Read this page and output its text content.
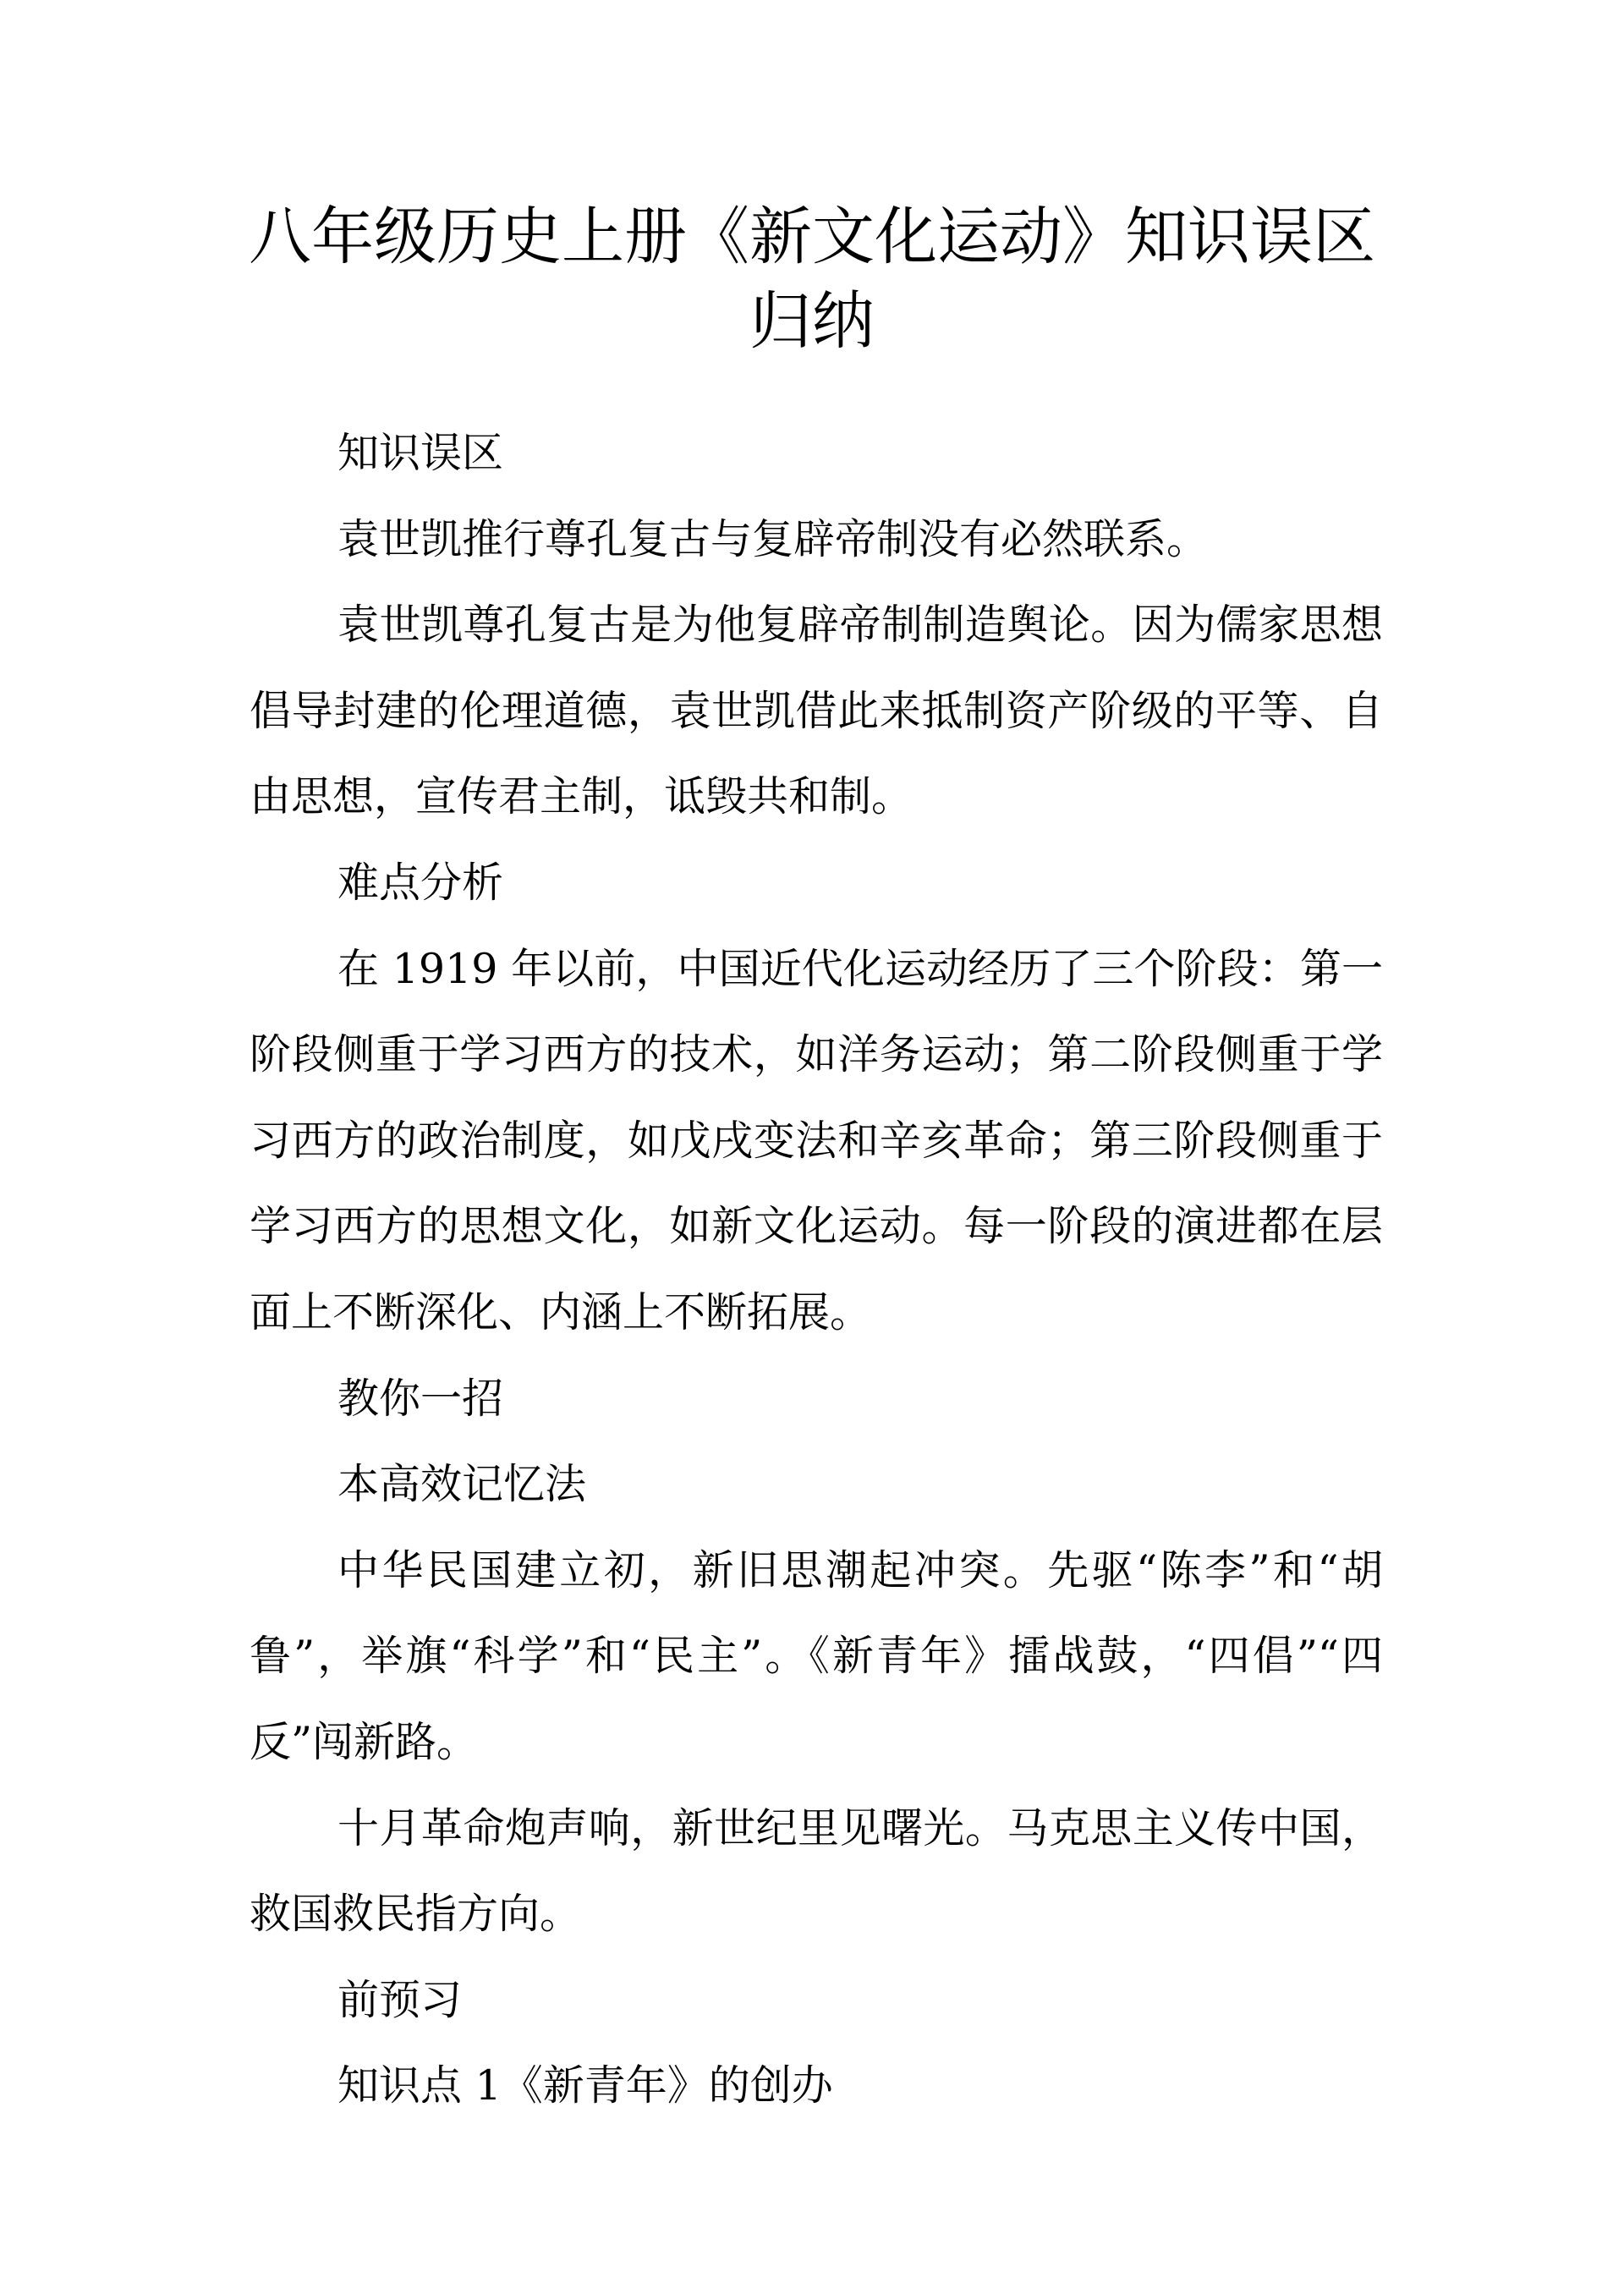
八年级历史上册《新文化运动》知识误区归纳

知识误区

袁世凯推行尊孔复古与复辟帝制没有必然联系。

袁世凯尊孔复古是为他复辟帝制制造舆论。因为儒家思想倡导封建的伦理道德，袁世凯借此来抵制资产阶级的平等、自由思想，宣传君主制，诋毁共和制。

难点分析

在 1919 年以前，中国近代化运动经历了三个阶段：第一阶段侧重于学习西方的技术，如洋务运动；第二阶段侧重于学习西方的政治制度，如戊戌变法和辛亥革命；第三阶段侧重于学习西方的思想文化，如新文化运动。每一阶段的演进都在层面上不断深化、内涵上不断拓展。

教你一招

本高效记忆法

中华民国建立初，新旧思潮起冲突。先驱“陈李”和“胡鲁”，举旗“科学”和“民主”。《新青年》擂战鼓，“四倡”“四反”闯新路。

十月革命炮声响，新世纪里见曙光。马克思主义传中国，救国救民指方向。

前预习

知识点 1《新青年》的创办
